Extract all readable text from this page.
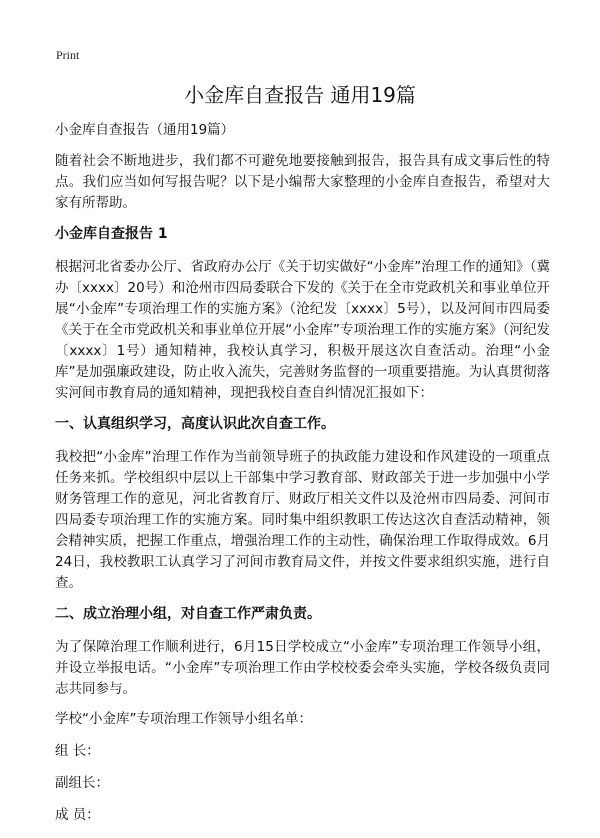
Print
小金库自查报告 通用19篇

小金库自查报告（通用19篇）

随着社会不断地进步，我们都不可避免地要接触到报告，报告具有成文事后性的特点。我们应当如何写报告呢？以下是小编帮大家整理的小金库自查报告，希望对大家有所帮助。

小金库自查报告 1

根据河北省委办公厅、省政府办公厅《关于切实做好“小金库”治理工作的通知》（冀办〔xxxx〕20号）和沧州市四局委联合下发的《关于在全市党政机关和事业单位开展“小金库”专项治理工作的实施方案》（沧纪发〔xxxx〕5号），以及河间市四局委《关于在全市党政机关和事业单位开展“小金库”专项治理工作的实施方案》（河纪发〔xxxx〕1号）通知精神，我校认真学习，积极开展这次自查活动。治理“小金库”是加强廉政建设，防止收入流失，完善财务监督的一项重要措施。为认真贯彻落实河间市教育局的通知精神，现把我校自查自纠情况汇报如下：

一、认真组织学习，高度认识此次自查工作。

我校把“小金库”治理工作作为当前领导班子的执政能力建设和作风建设的一项重点任务来抓。学校组织中层以上干部集中学习教育部、财政部关于进一步加强中小学财务管理工作的意见，河北省教育厅、财政厅相关文件以及沧州市四局委、河间市四局委专项治理工作的实施方案。同时集中组织教职工传达这次自查活动精神，领会精神实质，把握工作重点，增强治理工作的主动性，确保治理工作取得成效。6月24日，我校教职工认真学习了河间市教育局文件，并按文件要求组织实施，进行自查。

二、成立治理小组，对自查工作严肃负责。

为了保障治理工作顺利进行，6月15日学校成立“小金库”专项治理工作领导小组，并设立举报电话。“小金库”专项治理工作由学校校委会牵头实施，学校各级负责同志共同参与。

学校“小金库”专项治理工作领导小组名单：

组 长：

副组长：

成 员：
